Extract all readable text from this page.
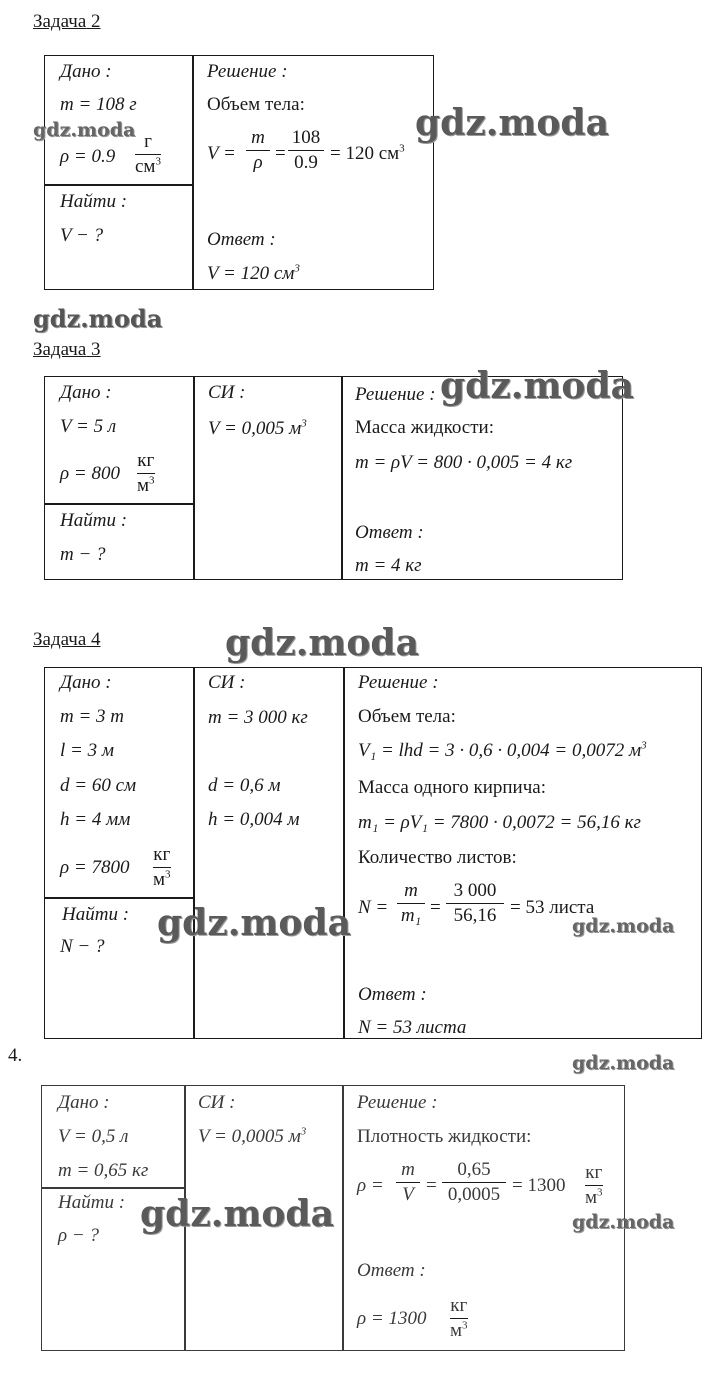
Задача 2
Дано :
m = 108 г
ρ = 0.9
г
$см^3$
Найти :
V − ?
Решение :
Объем тела:
V =
m
ρ =
108
0.9 = 120 $см^3$
Ответ :
V = 120 $см^3$
Задача 3
Дано :
V = 5 л
ρ = 800
кг
$м^3$
Найти :
m − ?
СИ :
V = 0,005 $м^3$
Решение :
Масса жидкости:
m = ρV = 800 · 0,005 = 4 кг
Ответ :
m = 4 кг
Задача 4
Дано :
m = 3 т
l = 3 м
d = 60 см
h = 4 мм
ρ = 7800
кг
$м^3$
Найти :
N − ?
СИ :
m = 3 000 кг
d = 0,6 м
h = 0,004 м
Решение :
Объем тела:
V₁ = lhd = 3 · 0,6 · 0,004 = 0,0072 $м^3$
Масса одного кирпича:
m₁ = ρV₁ = 7800 · 0,0072 = 56,16 кг
Количество листов:
N =
m
m₁ =
3 000
56,16 = 53 листа
Ответ :
N = 53 листа
4.
Дано :
V = 0,5 л
m = 0,65 кг
Найти :
ρ − ?
СИ :
V = 0,0005 $м^3$
Решение :
Плотность жидкости:
ρ =
m
V =
0,65
0,0005 = 1300
кг
$м^3$
Ответ :
ρ = 1300
кг
$м^3$
gdz.moda	gdz.moda
gdz.moda
gdz.moda
gdz.moda
gdz.moda	gdz.moda
gdz.moda
gdz.moda	gdz.moda
